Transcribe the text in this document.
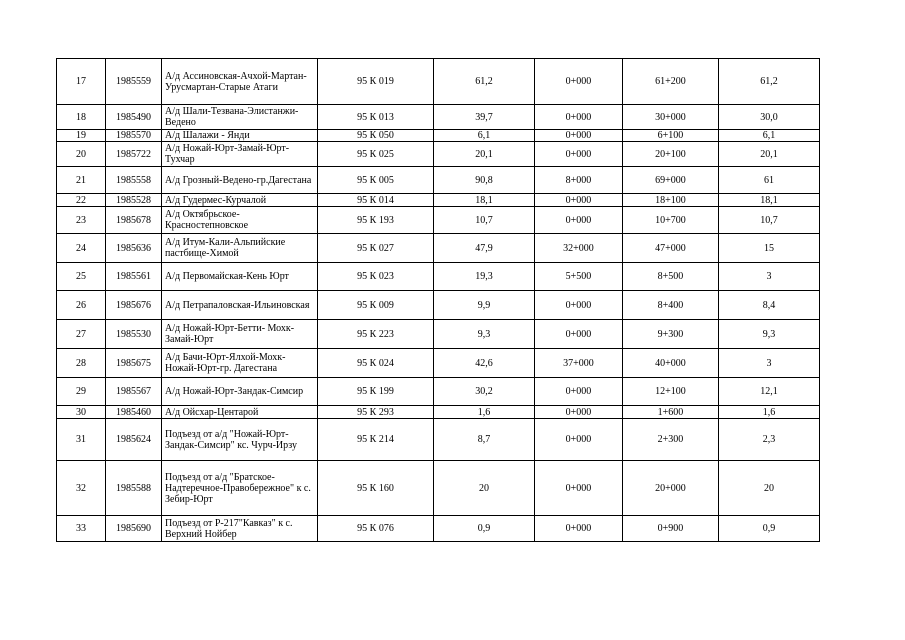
17	1985559	А/д Ассиновская-Ачхой-Мартан-Урусмартан-Старые Атаги	95 К 019	61,2	0+000	61+200	61,2
18	1985490	А/д Шали-Тезвана-Элистанжи-Ведено	95 К 013	39,7	0+000	30+000	30,0
19	1985570	А/д Шалажи - Янди	95 К 050	6,1	0+000	6+100	6,1
20	1985722	А/д Ножай-Юрт-Замай-Юрт-Тухчар	95 К 025	20,1	0+000	20+100	20,1
21	1985558	А/д Грозный-Ведено-гр.Дагестана	95 К 005	90,8	8+000	69+000	61
22	1985528	А/д Гудермес-Курчалой	95 К 014	18,1	0+000	18+100	18,1
23	1985678	А/д Октябрьское-Красностепновское	95 К 193	10,7	0+000	10+700	10,7
24	1985636	А/д Итум-Кали-Альпийские пастбище-Химой	95 К 027	47,9	32+000	47+000	15
25	1985561	А/д Первомайская-Кень Юрт	95 К 023	19,3	5+500	8+500	3
26	1985676	А/д Петрапаловская-Ильиновская	95 К 009	9,9	0+000	8+400	8,4
27	1985530	А/д Ножай-Юрт-Бетти- Мохк-Замай-Юрт	95 К 223	9,3	0+000	9+300	9,3
28	1985675	А/д Бачи-Юрт-Ялхой-Мохк-Ножай-Юрт-гр. Дагестана	95 К 024	42,6	37+000	40+000	3
29	1985567	А/д Ножай-Юрт-Зандак-Симсир	95 К 199	30,2	0+000	12+100	12,1
30	1985460	А/д Ойсхар-Центарой	95 К 293	1,6	0+000	1+600	1,6
31	1985624	Подъезд от а/д "Ножай-Юрт-Зандак-Симсир" кс. Чурч-Ирзу	95 К 214	8,7	0+000	2+300	2,3
32	1985588	Подъезд от а/д "Братское-Надтеречное-Правобережное" к с. Зебир-Юрт	95 К 160	20	0+000	20+000	20
33	1985690	Подъезд от Р-217"Кавказ" к с. Верхний Нойбер	95 К 076	0,9	0+000	0+900	0,9
